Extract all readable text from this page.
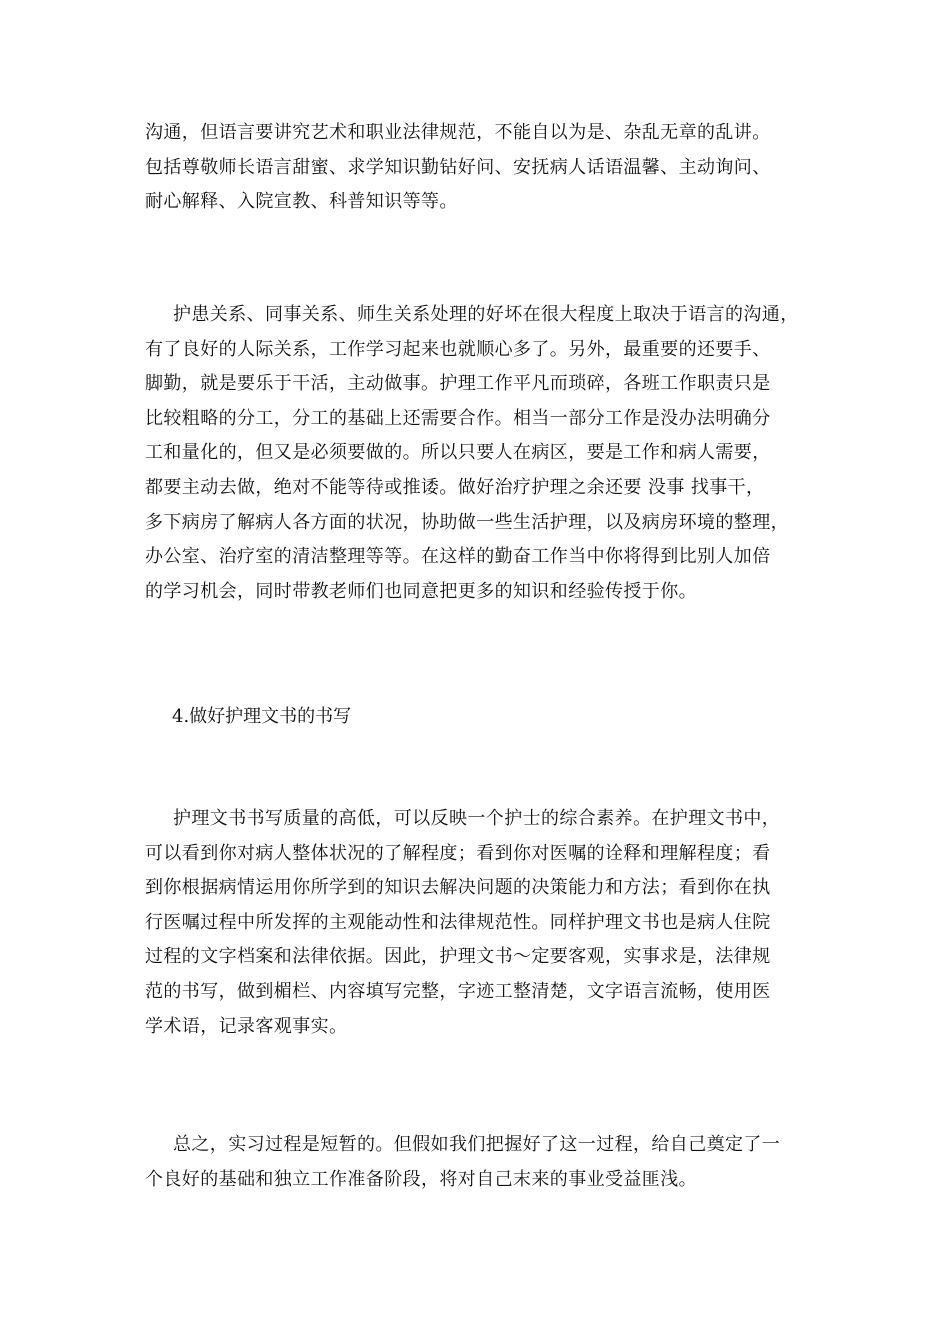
沟通，但语言要讲究艺术和职业法律规范，不能自以为是、杂乱无章的乱讲。
包括尊敬师长语言甜蜜、求学知识勤钻好问、安抚病人话语温馨、主动询问、
耐心解释、入院宣教、科普知识等等。
护患关系、同事关系、师生关系处理的好坏在很大程度上取决于语言的沟通，
有了良好的人际关系，工作学习起来也就顺心多了。另外，最重要的还要手、
脚勤，就是要乐于干活，主动做事。护理工作平凡而琐碎，各班工作职责只是
比较粗略的分工，分工的基础上还需要合作。相当一部分工作是没办法明确分
工和量化的，但又是必须要做的。所以只要人在病区，要是工作和病人需要，
都要主动去做，绝对不能等待或推诿。做好治疗护理之余还要 没事 找事干，
多下病房了解病人各方面的状况，协助做一些生活护理，以及病房环境的整理，
办公室、治疗室的清洁整理等等。在这样的勤奋工作当中你将得到比别人加倍
的学习机会，同时带教老师们也同意把更多的知识和经验传授于你。
4.做好护理文书的书写
护理文书书写质量的高低，可以反映一个护士的综合素养。在护理文书中，
可以看到你对病人整体状况的了解程度；看到你对医嘱的诠释和理解程度；看
到你根据病情运用你所学到的知识去解决问题的决策能力和方法；看到你在执
行医嘱过程中所发挥的主观能动性和法律规范性。同样护理文书也是病人住院
过程的文字档案和法律依据。因此，护理文书～定要客观，实事求是，法律规
范的书写，做到楣栏、内容填写完整，字迹工整清楚，文字语言流畅，使用医
学术语，记录客观事实。
总之，实习过程是短暂的。但假如我们把握好了这一过程，给自己奠定了一
个良好的基础和独立工作准备阶段，将对自己末来的事业受益匪浅。
